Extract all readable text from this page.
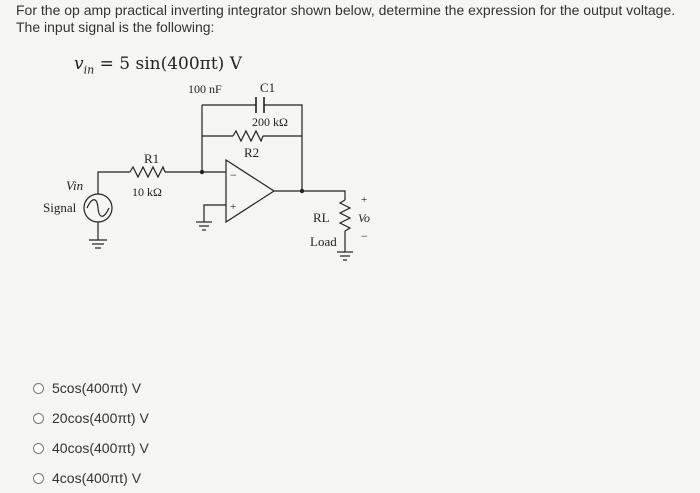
For the op amp practical inverting integrator shown below, determine the expression for the output voltage. The input signal is the following:
$v_{in} = 5$ sin(400πt) V
100 nF	C1
200 kΩ
R2
R1
10 kΩ
Vin
Signal
−
+
RL
Load
Vo
+
−
5cos(400πt) V
20cos(400πt) V
40cos(400πt) V
4cos(400πt) V
